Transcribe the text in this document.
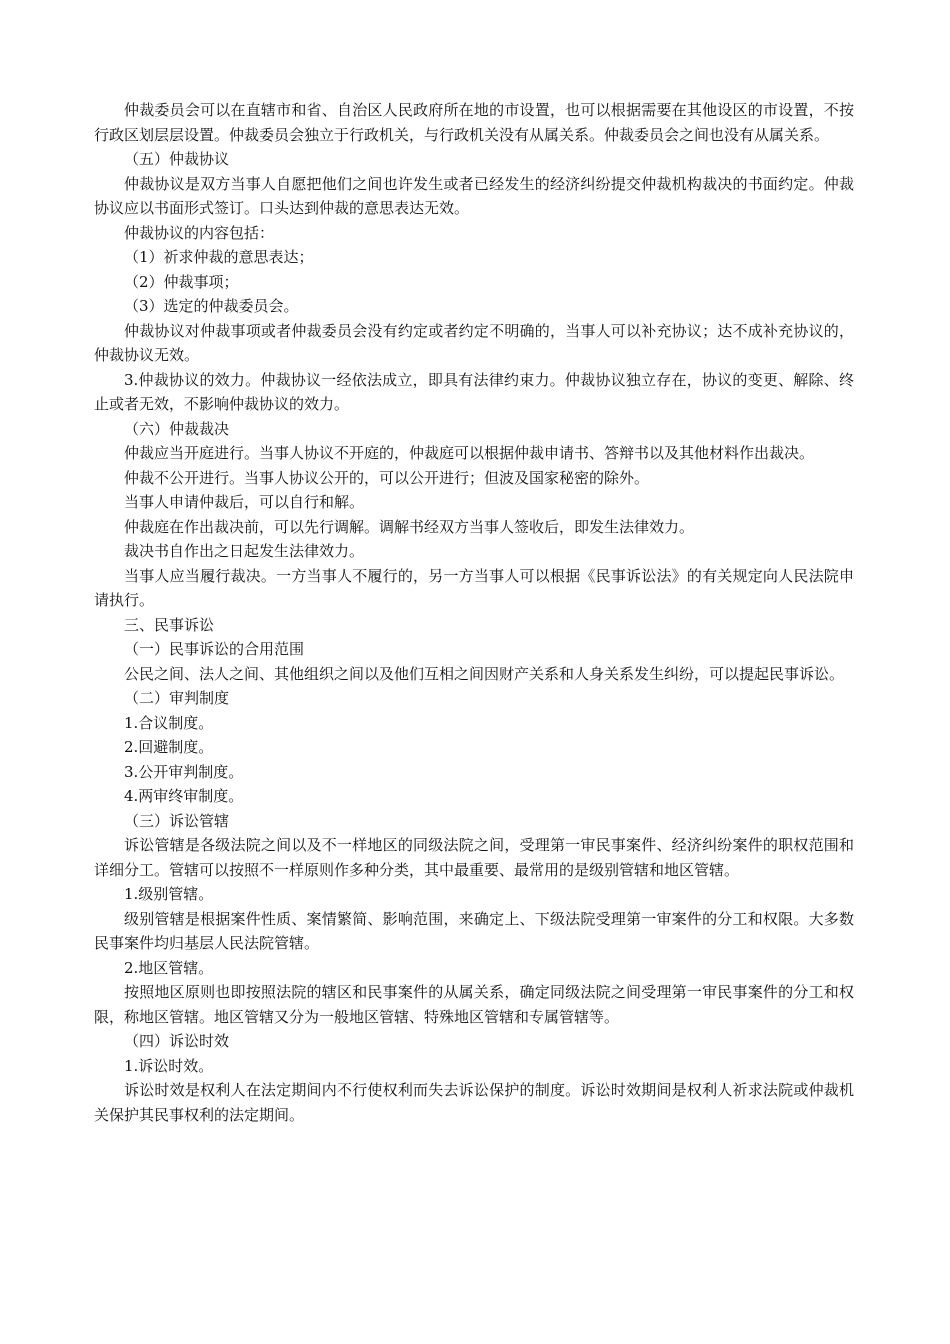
仲裁委员会可以在直辖市和省、自治区人民政府所在地的市设置，也可以根据需要在其他设区的市设置，不按行政区划层层设置。仲裁委员会独立于行政机关，与行政机关没有从属关系。仲裁委员会之间也没有从属关系。

（五）仲裁协议

仲裁协议是双方当事人自愿把他们之间也许发生或者已经发生的经济纠纷提交仲裁机构裁决的书面约定。仲裁协议应以书面形式签订。口头达到仲裁的意思表达无效。

仲裁协议的内容包括：

（1）祈求仲裁的意思表达；

（2）仲裁事项；

（3）选定的仲裁委员会。

仲裁协议对仲裁事项或者仲裁委员会没有约定或者约定不明确的，当事人可以补充协议；达不成补充协议的，仲裁协议无效。

3.仲裁协议的效力。仲裁协议一经依法成立，即具有法律约束力。仲裁协议独立存在，协议的变更、解除、终止或者无效，不影响仲裁协议的效力。

（六）仲裁裁决

仲裁应当开庭进行。当事人协议不开庭的，仲裁庭可以根据仲裁申请书、答辩书以及其他材料作出裁决。

仲裁不公开进行。当事人协议公开的，可以公开进行；但波及国家秘密的除外。

当事人申请仲裁后，可以自行和解。

仲裁庭在作出裁决前，可以先行调解。调解书经双方当事人签收后，即发生法律效力。

裁决书自作出之日起发生法律效力。

当事人应当履行裁决。一方当事人不履行的，另一方当事人可以根据《民事诉讼法》的有关规定向人民法院申请执行。

三、民事诉讼

（一）民事诉讼的合用范围

公民之间、法人之间、其他组织之间以及他们互相之间因财产关系和人身关系发生纠纷，可以提起民事诉讼。

（二）审判制度

1.合议制度。

2.回避制度。

3.公开审判制度。

4.两审终审制度。

（三）诉讼管辖

诉讼管辖是各级法院之间以及不一样地区的同级法院之间，受理第一审民事案件、经济纠纷案件的职权范围和详细分工。管辖可以按照不一样原则作多种分类，其中最重要、最常用的是级别管辖和地区管辖。

1.级别管辖。

级别管辖是根据案件性质、案情繁简、影响范围，来确定上、下级法院受理第一审案件的分工和权限。大多数民事案件均归基层人民法院管辖。

2.地区管辖。

按照地区原则也即按照法院的辖区和民事案件的从属关系，确定同级法院之间受理第一审民事案件的分工和权限，称地区管辖。地区管辖又分为一般地区管辖、特殊地区管辖和专属管辖等。

（四）诉讼时效

1.诉讼时效。

诉讼时效是权利人在法定期间内不行使权利而失去诉讼保护的制度。诉讼时效期间是权利人祈求法院或仲裁机关保护其民事权利的法定期间。
